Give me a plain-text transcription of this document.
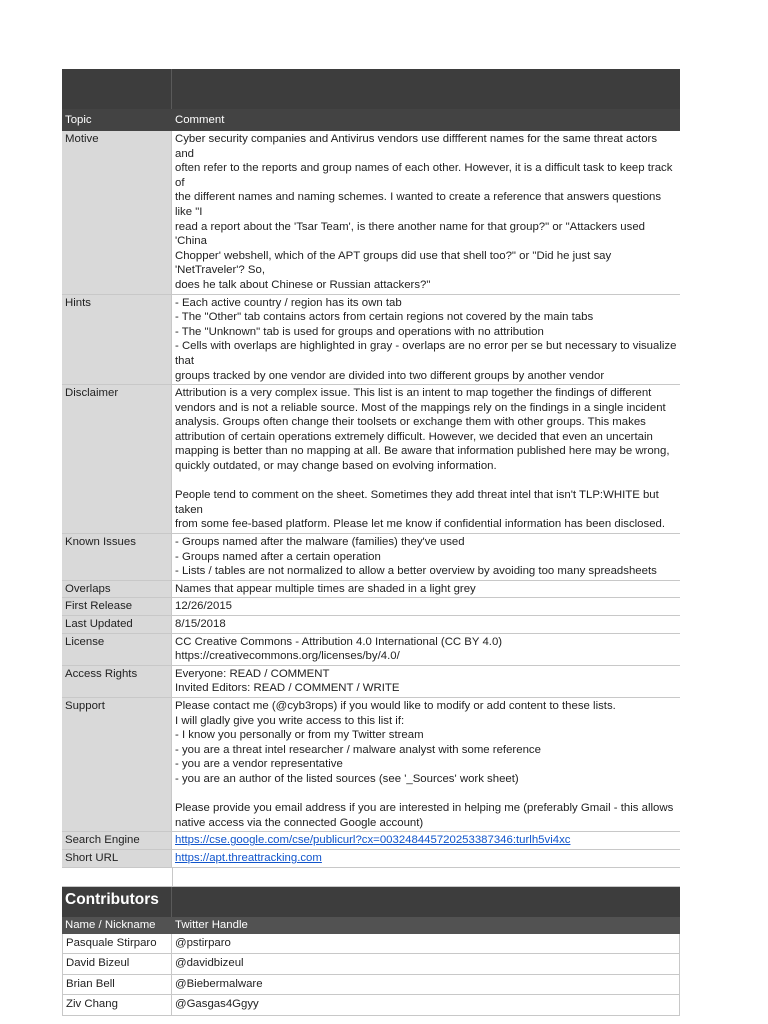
Topic	Comment
Motive	Cyber security companies and Antivirus vendors use diffferent names for the same threat actors and
often refer to the reports and group names of each other. However, it is a difficult task to keep track of
the different names and naming schemes. I wanted to create a reference that answers questions like "I
read a report about the 'Tsar Team', is there another name for that group?" or "Attackers used 'China
Chopper' webshell, which of the APT groups did use that shell too?" or "Did he just say 'NetTraveler'? So,
does he talk about Chinese or Russian attackers?"
Hints	- Each active country / region has its own tab
- The "Other" tab contains actors from certain regions not covered by the main tabs
- The "Unknown" tab is used for groups and operations with no attribution
- Cells with overlaps are highlighted in gray - overlaps are no error per se but necessary to visualize that
groups tracked by one vendor are divided into two different groups by another vendor
Disclaimer	Attribution is a very complex issue. This list is an intent to map together the findings of different
vendors and is not a reliable source. Most of the mappings rely on the findings in a single incident
analysis. Groups often change their toolsets or exchange them with other groups. This makes
attribution of certain operations extremely difficult. However, we decided that even an uncertain
mapping is better than no mapping at all. Be aware that information published here may be wrong,
quickly outdated, or may change based on evolving information.

People tend to comment on the sheet. Sometimes they add threat intel that isn't TLP:WHITE but taken
from some fee-based platform. Please let me know if confidential information has been disclosed.
Known Issues	- Groups named after the malware (families) they've used
- Groups named after a certain operation
- Lists / tables are not normalized to allow a better overview by avoiding too many spreadsheets
Overlaps	Names that appear multiple times are shaded in a light grey
First Release	12/26/2015
Last Updated	8/15/2018
License	CC Creative Commons - Attribution 4.0 International (CC BY 4.0)
https://creativecommons.org/licenses/by/4.0/
Access Rights	Everyone: READ / COMMENT
Invited Editors: READ / COMMENT / WRITE
Support	Please contact me (@cyb3rops) if you would like to modify or add content to these lists.
I will gladly give you write access to this list if:
- I know you personally or from my Twitter stream
- you are a threat intel researcher / malware analyst with some reference
- you are a vendor representative
- you are an author of the listed sources (see '_Sources' work sheet)

Please provide you email address if you are interested in helping me (preferably Gmail - this allows
native access via the connected Google account)
Search Engine	https://cse.google.com/cse/publicurl?cx=003248445720253387346:turlh5vi4xc
Short URL	https://apt.threattracking.com
Contributors
Name / Nickname	Twitter Handle
Pasquale Stirparo	@pstirparo
David Bizeul	@davidbizeul
Brian Bell	@Biebermalware
Ziv Chang	@Gasgas4Ggyy
